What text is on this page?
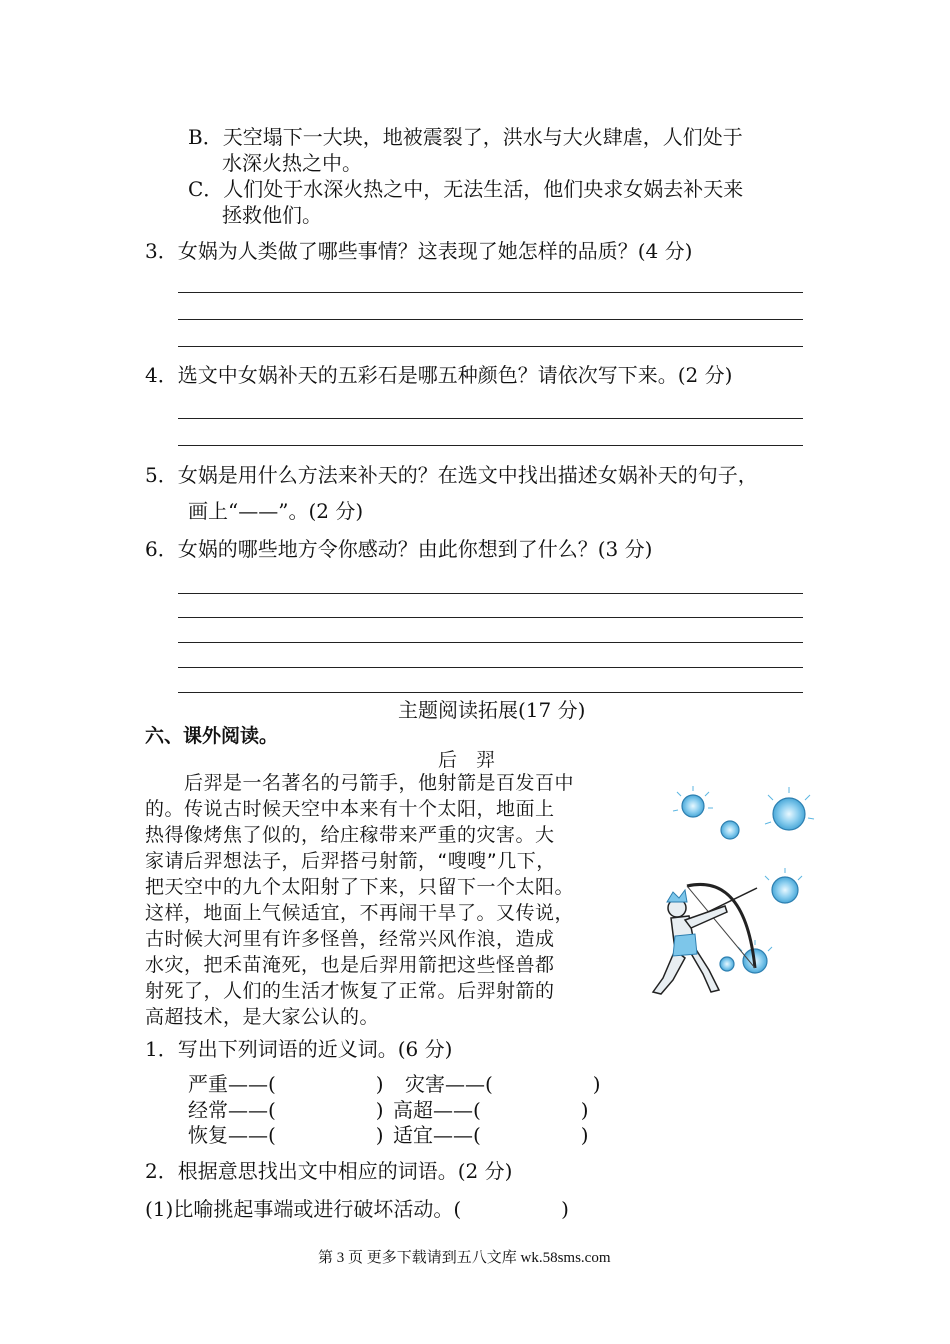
B．天空塌下一大块，地被震裂了，洪水与大火肆虐，人们处于
水深火热之中。
C．人们处于水深火热之中，无法生活，他们央求女娲去补天来
拯救他们。
3．女娲为人类做了哪些事情？这表现了她怎样的品质？(4 分)
4．选文中女娲补天的五彩石是哪五种颜色？请依次写下来。(2 分)
5．女娲是用什么方法来补天的？在选文中找出描述女娲补天的句子，
画上“——”。(2 分)
6．女娲的哪些地方令你感动？由此你想到了什么？(3 分)
主题阅读拓展(17 分)
六、课外阅读。
后　羿

　　后羿是一名著名的弓箭手，他射箭是百发百中

的。传说古时候天空中本来有十个太阳，地面上

热得像烤焦了似的，给庄稼带来严重的灾害。大

家请后羿想法子，后羿搭弓射箭，“嗖嗖”几下，

把天空中的九个太阳射了下来，只留下一个太阳。

这样，地面上气候适宜，不再闹干旱了。又传说，

古时候大河里有许多怪兽，经常兴风作浪，造成

水灾，把禾苗淹死，也是后羿用箭把这些怪兽都

射死了，人们的生活才恢复了正常。后羿射箭的

高超技术，是大家公认的。

1．写出下列词语的近义词。(6 分)
严重——(　　　　　) 灾害——(　　　　　)
经常——(　　　　　) 高超——(　　　　　)
恢复——(　　　　　) 适宜——(　　　　　)
2．根据意思找出文中相应的词语。(2 分)
(1)比喻挑起事端或进行破坏活动。(　　　　　)
第 3 页 更多下载请到五八文库 wk.58sms.com
